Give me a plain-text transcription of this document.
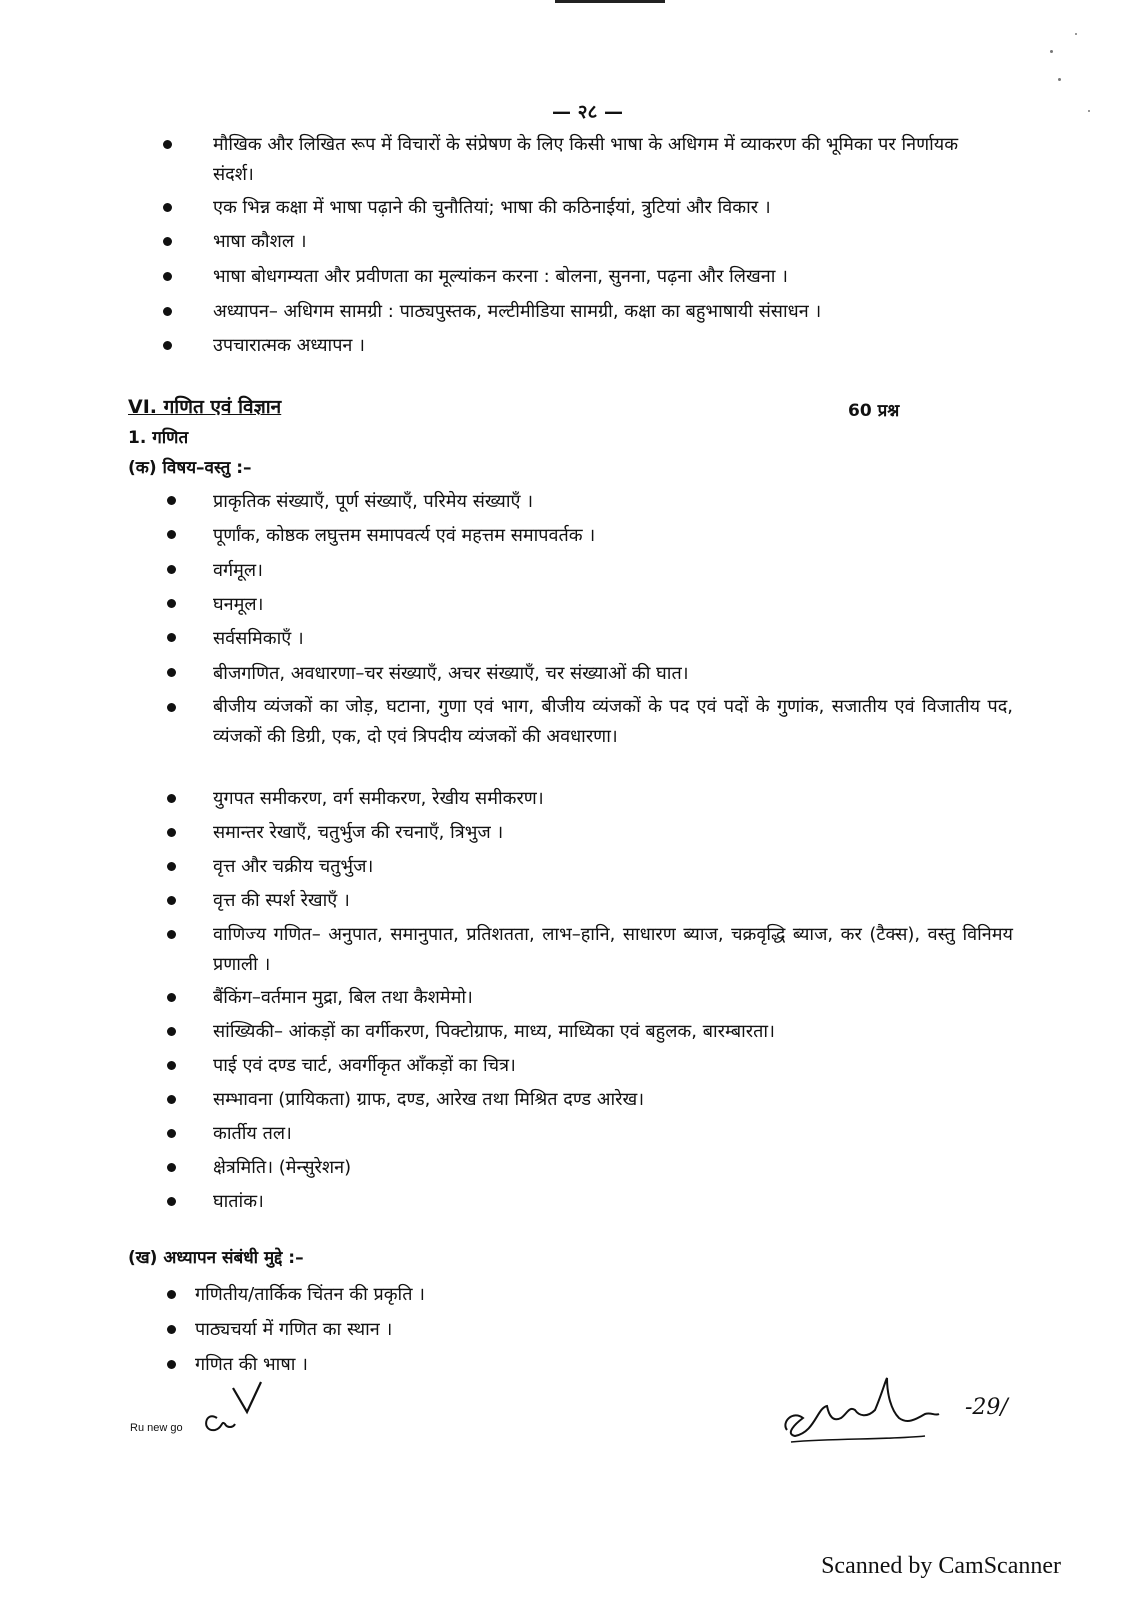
— २८ —
मौखिक और लिखित रूप में विचारों के संप्रेषण के लिए किसी भाषा के अधिगम में व्याकरण की भूमिका पर निर्णायक संदर्श।
एक भिन्न कक्षा में भाषा पढ़ाने की चुनौतियां; भाषा की कठिनाईयां, त्रुटियां और विकार ।
भाषा कौशल ।
भाषा बोधगम्यता और प्रवीणता का मूल्यांकन करना : बोलना, सुनना, पढ़ना और लिखना ।
अध्यापन– अधिगम सामग्री : पाठ्यपुस्तक, मल्टीमीडिया सामग्री, कक्षा का बहुभाषायी संसाधन ।
उपचारात्मक अध्यापन ।
VI. गणित एवं विज्ञान	60 प्रश्न
1. गणित
(क) विषय–वस्तु :–
प्राकृतिक संख्याएँ, पूर्ण संख्याएँ, परिमेय संख्याएँ ।
पूर्णांक, कोष्ठक लघुत्तम समापवर्त्य एवं महत्तम समापवर्तक ।
वर्गमूल।
घनमूल।
सर्वसमिकाएँ ।
बीजगणित, अवधारणा–चर संख्याएँ, अचर संख्याएँ, चर संख्याओं की घात।
बीजीय व्यंजकों का जोड़, घटाना, गुणा एवं भाग, बीजीय व्यंजकों के पद एवं पदों के गुणांक, सजातीय एवं विजातीय पद, व्यंजकों की डिग्री, एक, दो एवं त्रिपदीय व्यंजकों की अवधारणा।
युगपत समीकरण, वर्ग समीकरण, रेखीय समीकरण।
समान्तर रेखाएँ, चतुर्भुज की रचनाएँ, त्रिभुज ।
वृत्त और चक्रीय चतुर्भुज।
वृत्त की स्पर्श रेखाएँ ।
वाणिज्य गणित– अनुपात, समानुपात, प्रतिशतता, लाभ–हानि, साधारण ब्याज, चक्रवृद्धि ब्याज, कर (टैक्स), वस्तु विनिमय प्रणाली ।
बैंकिंग–वर्तमान मुद्रा, बिल तथा कैशमेमो।
सांख्यिकी– आंकड़ों का वर्गीकरण, पिक्टोग्राफ, माध्य, माध्यिका एवं बहुलक, बारम्बारता।
पाई एवं दण्ड चार्ट, अवर्गीकृत आँकड़ों का चित्र।
सम्भावना (प्रायिकता) ग्राफ, दण्ड, आरेख तथा मिश्रित दण्ड आरेख।
कार्तीय तल।
क्षेत्रमिति। (मेन्सुरेशन)
घातांक।
(ख) अध्यापन संबंधी मुद्दे :–
गणितीय/तार्किक चिंतन की प्रकृति ।
पाठ्यचर्या में गणित का स्थान ।
गणित की भाषा ।
Ru new go
-29/
Scanned by CamScanner
